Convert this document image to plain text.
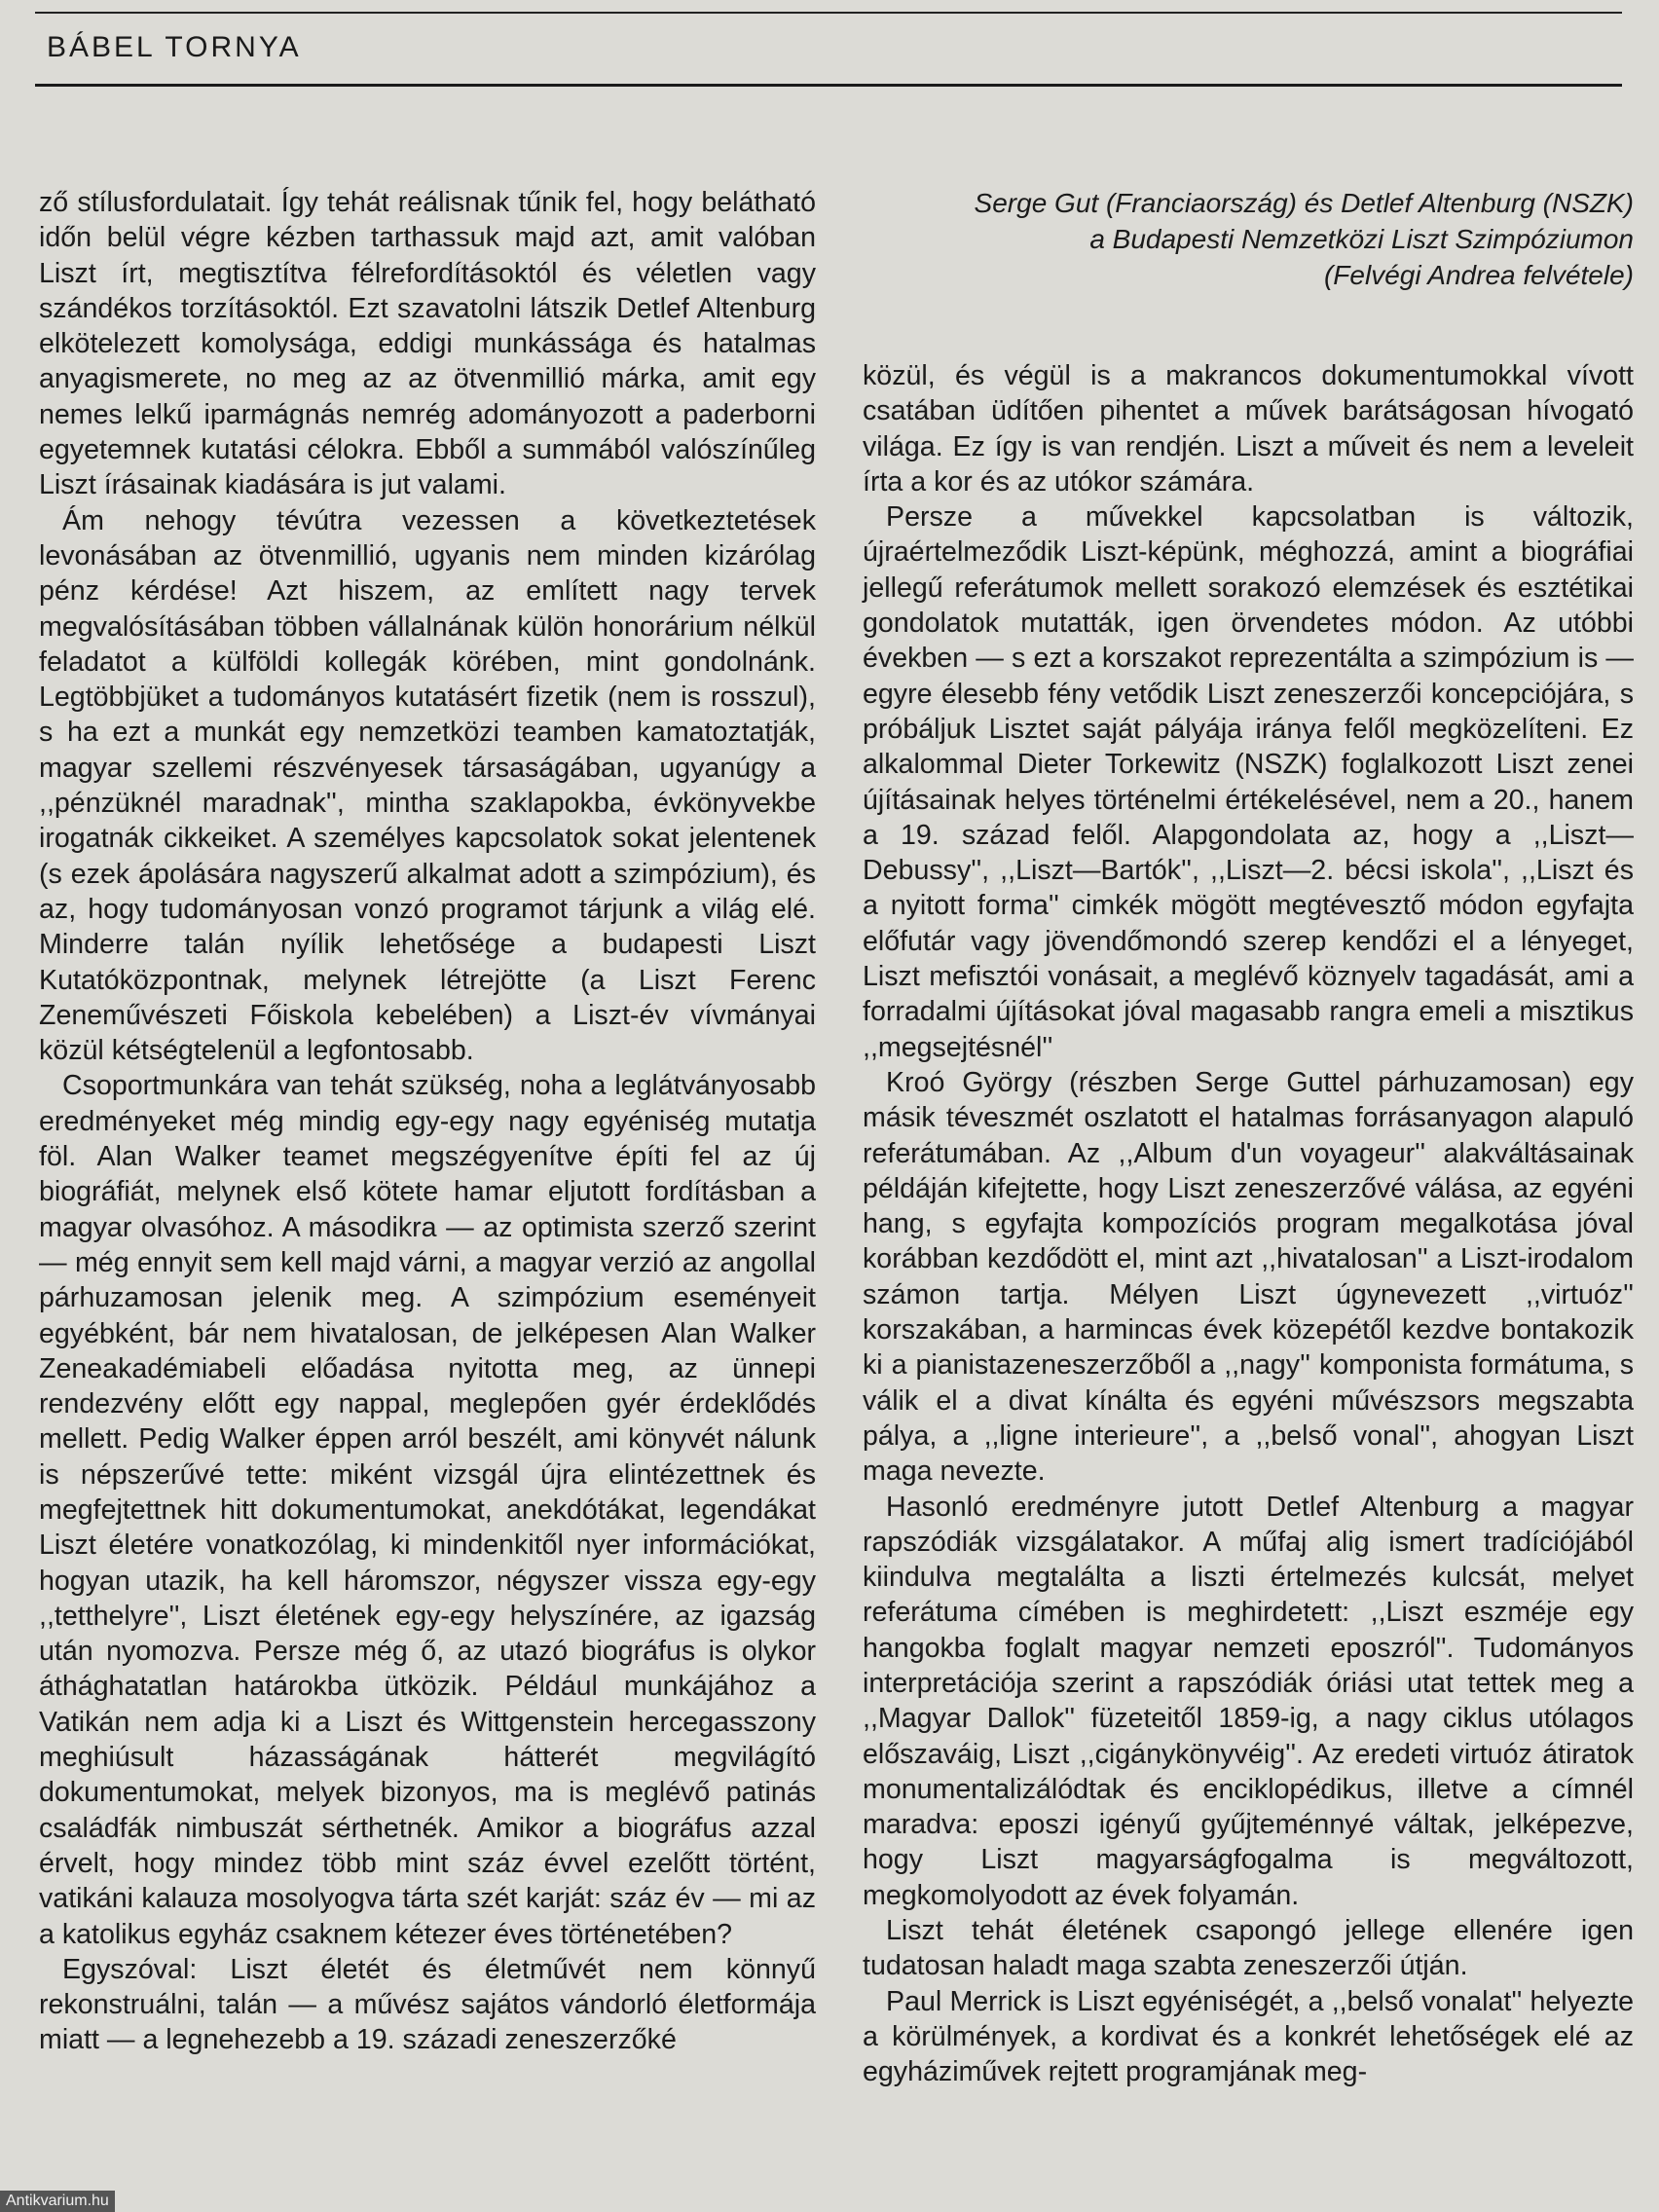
BÁBEL TORNYA
Serge Gut (Franciaország) és Detlef Altenburg (NSZK)
a Budapesti Nemzetközi Liszt Szimpóziumon
(Felvégi Andrea felvétele)

ző stílusfordulatait. Így tehát reálisnak tűnik fel, hogy belátható időn belül végre kézben tarthassuk majd azt, amit valóban Liszt írt, megtisztítva félrefordításoktól és véletlen vagy szándékos torzításoktól. Ezt szavatolni látszik Detlef Altenburg elkötelezett komolysága, eddigi munkássága és hatalmas anyagismerete, no meg az az ötvenmillió márka, amit egy nemes lelkű iparmágnás nemrég adományozott a paderborni egyetemnek kutatási célokra. Ebből a summából valószínűleg Liszt írásainak kiadására is jut valami.

Ám nehogy tévútra vezessen a következtetések levonásában az ötvenmillió, ugyanis nem minden kizárólag pénz kérdése! Azt hiszem, az említett nagy tervek megvalósításában többen vállalnának külön honorárium nélkül feladatot a külföldi kollegák körében, mint gondolnánk. Legtöbbjüket a tudományos kutatásért fizetik (nem is rosszul), s ha ezt a munkát egy nemzetközi teamben kamatoztatják, magyar szellemi részvényesek társaságában, ugyanúgy a ,,pénzüknél maradnak'', mintha szaklapokba, évkönyvekbe irogatnák cikkeiket. A személyes kapcsolatok sokat jelentenek (s ezek ápolására nagyszerű alkalmat adott a szimpózium), és az, hogy tudományosan vonzó programot tárjunk a világ elé. Minderre talán nyílik lehetősége a budapesti Liszt Kutatóközpontnak, melynek létrejötte (a Liszt Ferenc Zeneművészeti Főiskola kebelében) a Liszt-év vívmányai közül kétségtelenül a legfontosabb.

Csoportmunkára van tehát szükség, noha a leglátványosabb eredményeket még mindig egy-egy nagy egyéniség mutatja föl. Alan Walker teamet megszégyenítve építi fel az új biográfiát, melynek első kötete hamar eljutott fordításban a magyar olvasóhoz. A másodikra — az optimista szerző szerint — még ennyit sem kell majd várni, a magyar verzió az angollal párhuzamosan jelenik meg. A szimpózium eseményeit egyébként, bár nem hivatalosan, de jelképesen Alan Walker Zeneakadémiabeli előadása nyitotta meg, az ünnepi rendezvény előtt egy nappal, meglepően gyér érdeklődés mellett. Pedig Walker éppen arról beszélt, ami könyvét nálunk is népszerűvé tette: miként vizsgál újra elintézettnek és megfejtettnek hitt dokumentumokat, anekdótákat, legendákat Liszt életére vonatkozólag, ki mindenkitől nyer információkat, hogyan utazik, ha kell háromszor, négyszer vissza egy-egy ,,tetthelyre'', Liszt életének egy-egy helyszínére, az igazság után nyomozva. Persze még ő, az utazó biográfus is olykor áthághatatlan határokba ütközik. Például munkájához a Vatikán nem adja ki a Liszt és Wittgenstein hercegasszony meghiúsult házasságának hátterét megvilágító dokumentumokat, melyek bizonyos, ma is meglévő patinás családfák nimbuszát sérthetnék. Amikor a biográfus azzal érvelt, hogy mindez több mint száz évvel ezelőtt történt, vatikáni kalauza mosolyogva tárta szét karját: száz év — mi az a katolikus egyház csaknem kétezer éves történetében?

Egyszóval: Liszt életét és életművét nem könnyű rekonstruálni, talán — a művész sajátos vándorló életformája miatt — a legnehezebb a 19. századi zeneszerzőké

közül, és végül is a makrancos dokumentumokkal vívott csatában üdítően pihentet a művek barátságosan hívogató világa. Ez így is van rendjén. Liszt a műveit és nem a leveleit írta a kor és az utókor számára.

Persze a művekkel kapcsolatban is változik, újraértelmeződik Liszt-képünk, méghozzá, amint a biográfiai jellegű referátumok mellett sorakozó elemzések és esztétikai gondolatok mutatták, igen örvendetes módon. Az utóbbi években — s ezt a korszakot reprezentálta a szimpózium is — egyre élesebb fény vetődik Liszt zeneszerzői koncepciójára, s próbáljuk Lisztet saját pályája iránya felől megközelíteni. Ez alkalommal Dieter Torkewitz (NSZK) foglalkozott Liszt zenei újításainak helyes történelmi értékelésével, nem a 20., hanem a 19. század felől. Alapgondolata az, hogy a ,,Liszt—Debussy'', ,,Liszt—Bartók'', ,,Liszt—2. bécsi iskola'', ,,Liszt és a nyitott forma'' cimkék mögött megtévesztő módon egyfajta előfutár vagy jövendőmondó szerep kendőzi el a lényeget, Liszt mefisztói vonásait, a meglévő köznyelv tagadását, ami a forradalmi újításokat jóval magasabb rangra emeli a misztikus ,,megsejtésnél''

Kroó György (részben Serge Guttel párhuzamosan) egy másik téveszmét oszlatott el hatalmas forrásanyagon alapuló referátumában. Az ,,Album d'un voyageur'' alakváltásainak példáján kifejtette, hogy Liszt zeneszerzővé válása, az egyéni hang, s egyfajta kompozíciós program megalkotása jóval korábban kezdődött el, mint azt ,,hivatalosan'' a Liszt-irodalom számon tartja. Mélyen Liszt úgynevezett ,,virtuóz'' korszakában, a harmincas évek közepétől kezdve bontakozik ki a pianistazeneszerzőből a ,,nagy'' komponista formátuma, s válik el a divat kínálta és egyéni művészsors megszabta pálya, a ,,ligne interieure'', a ,,belső vonal'', ahogyan Liszt maga nevezte.

Hasonló eredményre jutott Detlef Altenburg a magyar rapszódiák vizsgálatakor. A műfaj alig ismert tradíciójából kiindulva megtalálta a liszti értelmezés kulcsát, melyet referátuma címében is meghirdetett: ,,Liszt eszméje egy hangokba foglalt magyar nemzeti eposzról''. Tudományos interpretációja szerint a rapszódiák óriási utat tettek meg a ,,Magyar Dallok'' füzeteitől 1859-ig, a nagy ciklus utólagos előszaváig, Liszt ,,cigánykönyvéig''. Az eredeti virtuóz átiratok monumentalizálódtak és enciklopédikus, illetve a címnél maradva: eposzi igényű gyűjteménnyé váltak, jelképezve, hogy Liszt magyarságfogalma is megváltozott, megkomolyodott az évek folyamán.

Liszt tehát életének csapongó jellege ellenére igen tudatosan haladt maga szabta zeneszerzői útján.

Paul Merrick is Liszt egyéniségét, a ,,belső vonalat'' helyezte a körülmények, a kordivat és a konkrét lehetőségek elé az egyháziművek rejtett programjának meg-

Antikvarium.hu
